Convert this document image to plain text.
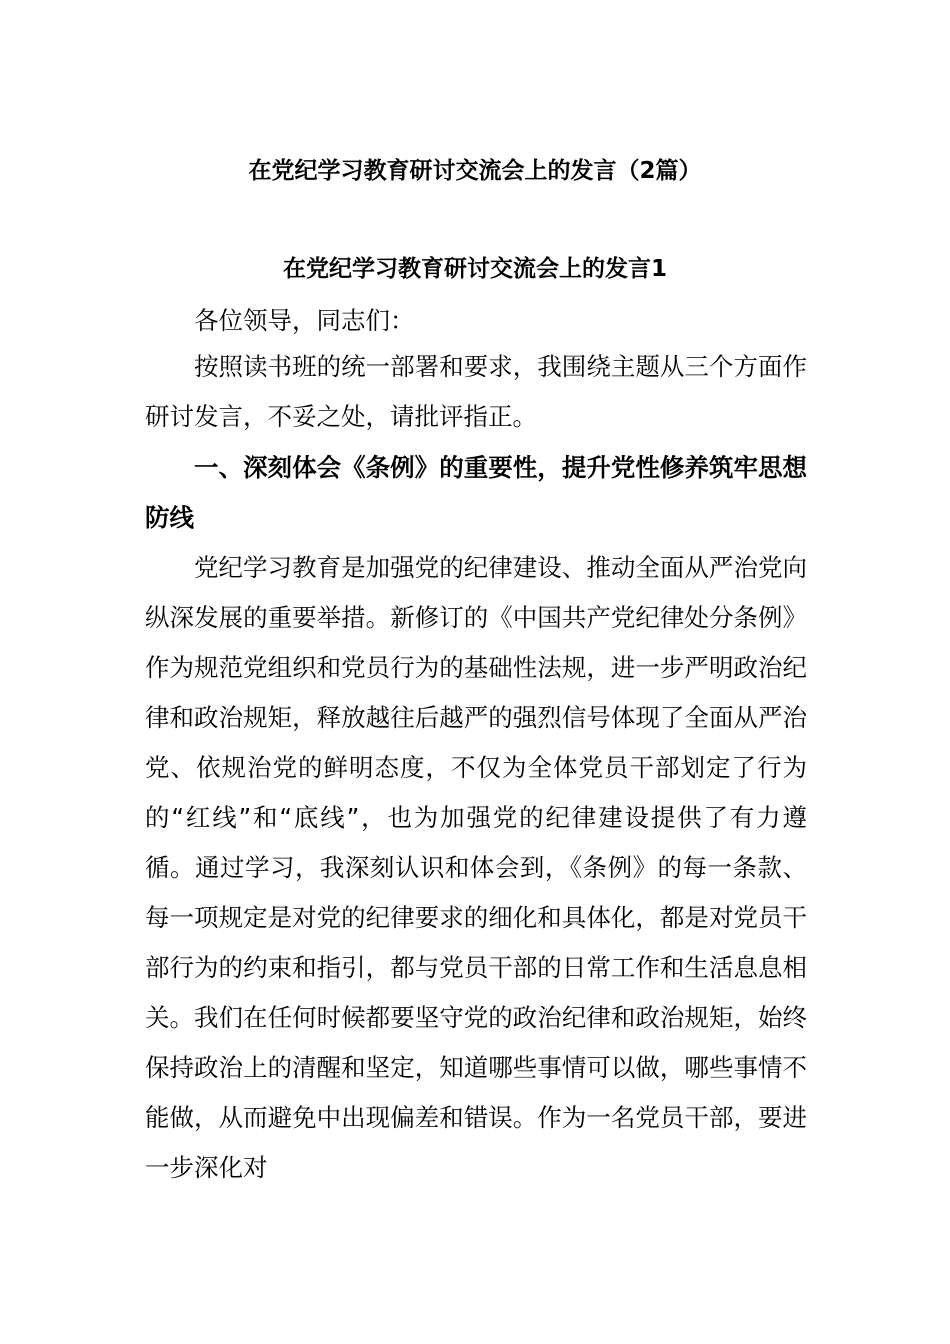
在党纪学习教育研讨交流会上的发言（2篇）
在党纪学习教育研讨交流会上的发言1
各位领导，同志们：
按照读书班的统一部署和要求，我围绕主题从三个方面作研讨发言，不妥之处，请批评指正。
一、深刻体会《条例》的重要性，提升党性修养筑牢思想防线
党纪学习教育是加强党的纪律建设、推动全面从严治党向纵深发展的重要举措。新修订的《中国共产党纪律处分条例》作为规范党组织和党员行为的基础性法规，进一步严明政治纪律和政治规矩，释放越往后越严的强烈信号体现了全面从严治党、依规治党的鲜明态度，不仅为全体党员干部划定了行为的“红线”和“底线”，也为加强党的纪律建设提供了有力遵循。通过学习，我深刻认识和体会到，《条例》的每一条款、每一项规定是对党的纪律要求的细化和具体化，都是对党员干部行为的约束和指引，都与党员干部的日常工作和生活息息相关。我们在任何时候都要坚守党的政治纪律和政治规矩，始终保持政治上的清醒和坚定，知道哪些事情可以做，哪些事情不能做，从而避免中出现偏差和错误。作为一名党员干部，要进一步深化对
